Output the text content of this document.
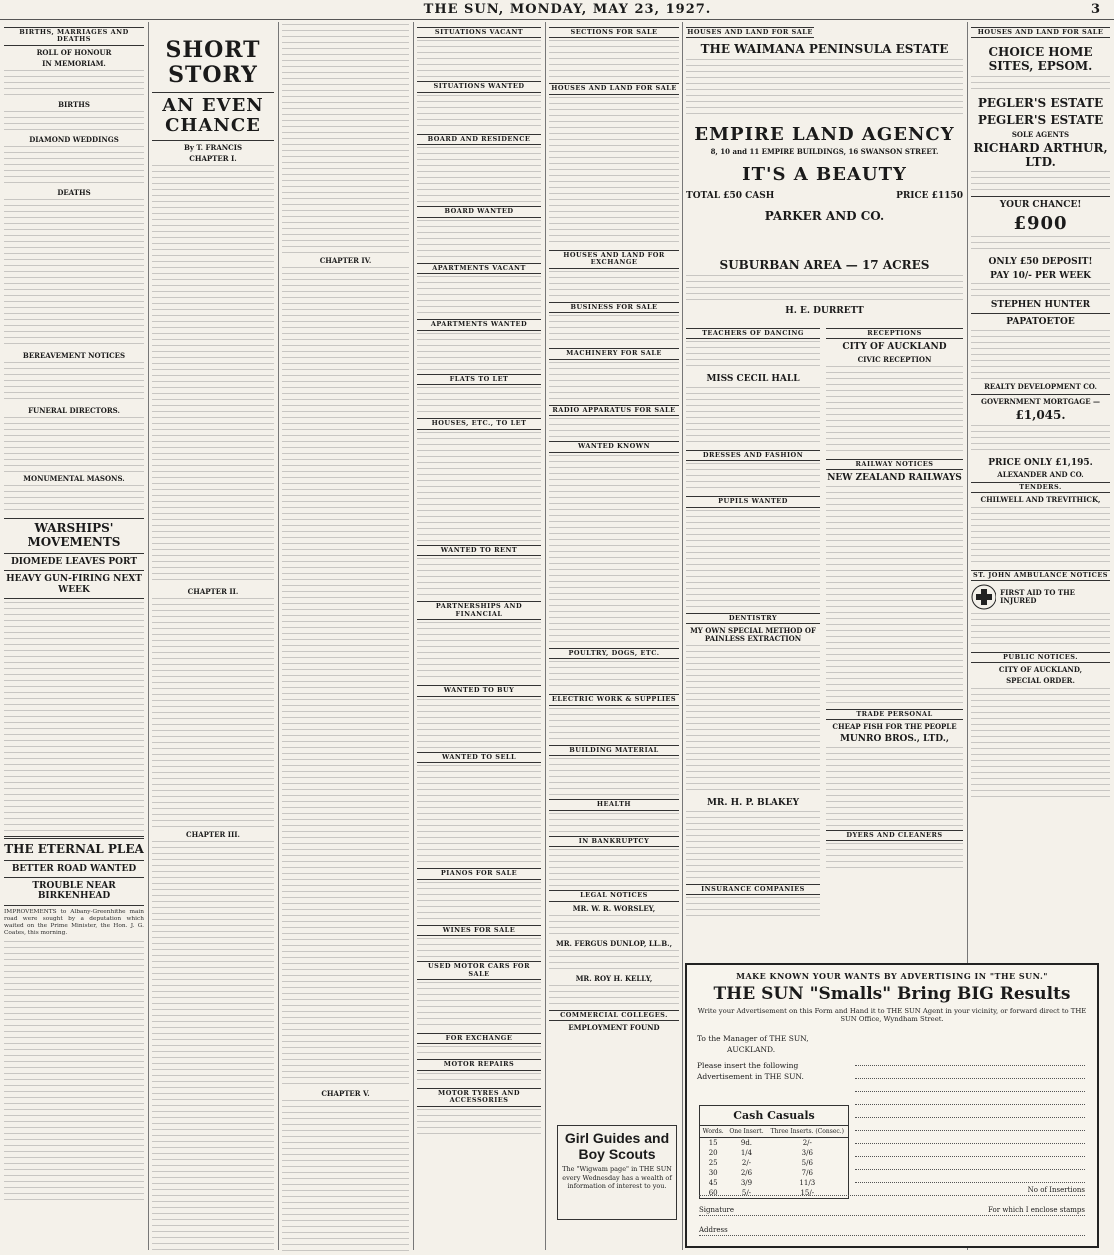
THE SUN, MONDAY, MAY 23, 1927.	3
BIRTHS, MARRIAGES AND DEATHS
ROLL OF HONOUR
IN MEMORIAM.
BIRTHS
DIAMOND WEDDINGS
DEATHS
BEREAVEMENT NOTICES
FUNERAL DIRECTORS.
MONUMENTAL MASONS.
WARSHIPS' MOVEMENTS
DIOMEDE LEAVES PORT
HEAVY GUN-FIRING NEXT WEEK
THE ETERNAL PLEA
BETTER ROAD WANTED
TROUBLE NEAR BIRKENHEAD
IMPROVEMENTS to Albany-Greenhithe main road were sought by a deputation which waited on the Prime Minister, the Hon. J. G. Coates, this morning.
SHORT STORY
AN EVEN CHANCE
By T. FRANCIS
CHAPTER I.
CHAPTER II.
CHAPTER III.
CHAPTER IV.
CHAPTER V.
SITUATIONS VACANT
SITUATIONS WANTED
BOARD AND RESIDENCE
BOARD WANTED
APARTMENTS VACANT
APARTMENTS WANTED
FLATS TO LET
HOUSES, ETC., TO LET
WANTED TO RENT
PARTNERSHIPS AND FINANCIAL
WANTED TO BUY
WANTED TO SELL
PIANOS FOR SALE
WINES FOR SALE
USED MOTOR CARS FOR SALE
FOR EXCHANGE
MOTOR REPAIRS
MOTOR TYRES AND ACCESSORIES
SECTIONS FOR SALE
HOUSES AND LAND FOR SALE
HOUSES AND LAND FOR EXCHANGE
BUSINESS FOR SALE
MACHINERY FOR SALE
RADIO APPARATUS FOR SALE
WANTED KNOWN
POULTRY, DOGS, ETC.
ELECTRIC WORK & SUPPLIES
BUILDING MATERIAL
HEALTH
IN BANKRUPTCY
LEGAL NOTICES
MR. W. R. WORSLEY,
MR. FERGUS DUNLOP, LL.B.,
MR. ROY H. KELLY,
COMMERCIAL COLLEGES.
EMPLOYMENT FOUND
Girl Guides and Boy Scouts
The "Wigwam page" in THE SUN every Wednesday has a wealth of information of interest to you.
HOUSES AND LAND FOR SALE
THE WAIMANA PENINSULA ESTATE
EMPIRE LAND AGENCY
8, 10 and 11 EMPIRE BUILDINGS, 16 SWANSON STREET.
IT'S A BEAUTY
TOTAL £50 CASH	PRICE £1150
PARKER AND CO.
SUBURBAN AREA — 17 ACRES
H. E. DURRETT
TEACHERS OF DANCING
MISS CECIL HALL
DRESSES AND FASHION
PUPILS WANTED
DENTISTRY
MY OWN SPECIAL METHOD OF PAINLESS EXTRACTION
MR. H. P. BLAKEY
INSURANCE COMPANIES
RECEPTIONS
CITY OF AUCKLAND
CIVIC RECEPTION
RAILWAY NOTICES
NEW ZEALAND RAILWAYS
TRADE PERSONAL
CHEAP FISH FOR THE PEOPLE
MUNRO BROS., LTD.,
DYERS AND CLEANERS
HOUSES AND LAND FOR SALE
CHOICE HOME SITES, EPSOM.
PEGLER'S ESTATE
PEGLER'S ESTATE
SOLE AGENTS
RICHARD ARTHUR, LTD.
YOUR CHANCE!
£900
ONLY £50 DEPOSIT!
PAY 10/- PER WEEK
STEPHEN HUNTER
PAPATOETOE
REALTY DEVELOPMENT CO.
GOVERNMENT MORTGAGE —
£1,045.
PRICE ONLY £1,195.
ALEXANDER AND CO.
TENDERS.
CHILWELL AND TREVITHICK,
ST. JOHN AMBULANCE NOTICES
FIRST AID TO THE INJURED
PUBLIC NOTICES.
CITY OF AUCKLAND,
SPECIAL ORDER.
MAKE KNOWN YOUR WANTS BY ADVERTISING IN "THE SUN."
THE SUN "Smalls" Bring BIG Results
Write your Advertisement on this Form and Hand it to THE SUN Agent in your vicinity, or forward direct to THE SUN Office, Wyndham Street.
To the Manager of THE SUN,
AUCKLAND.
Please insert the following Advertisement in THE SUN.
Cash Casuals
Words.	One Insert.	Three Inserts. (Consec.)
15	9d.	2/-
20	1/4	3/6
25	2/-	5/6
30	2/6	7/6
45	3/9	11/3
60	5/-	15/-	No of Insertions
Signature	For which I enclose stamps
Address
